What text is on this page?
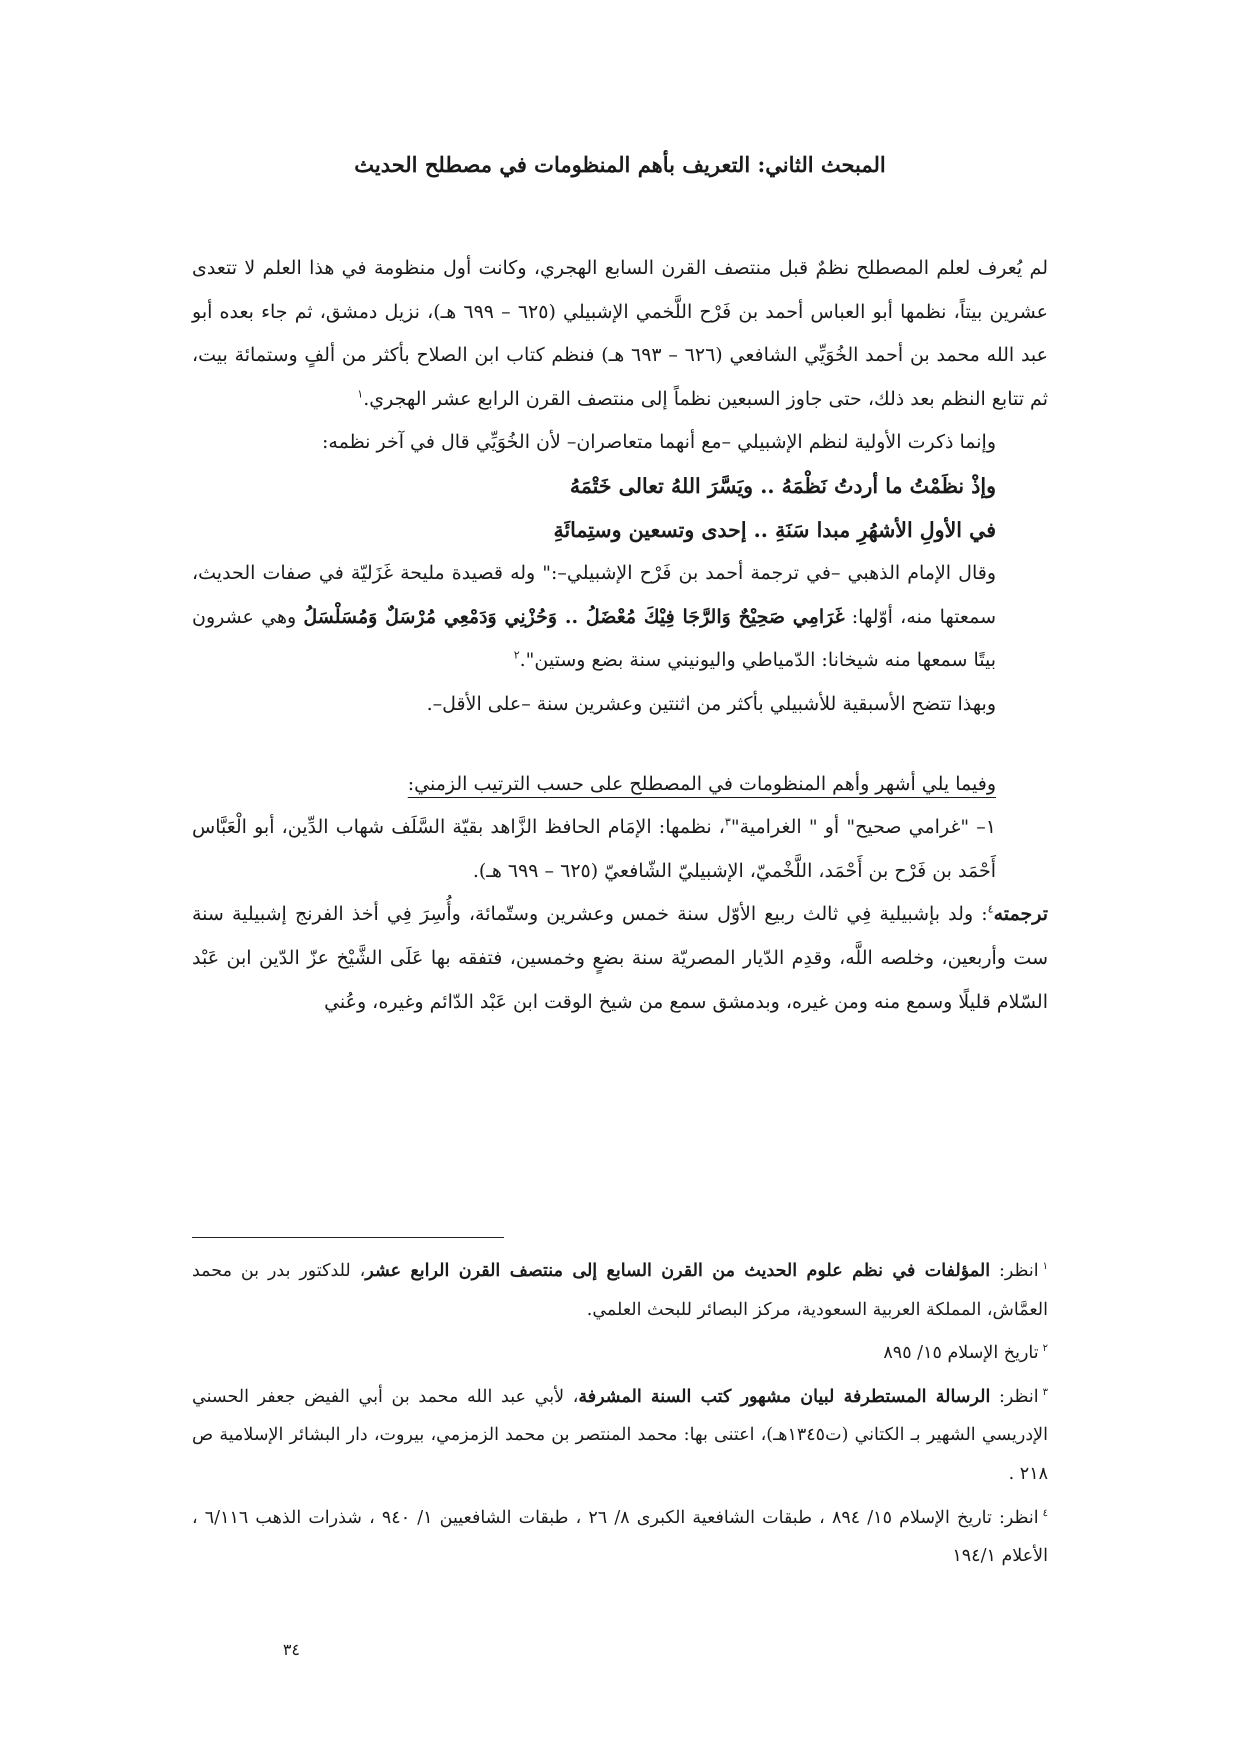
المبحث الثاني: التعريف بأهم المنظومات في مصطلح الحديث

لم يُعرف لعلم المصطلح نظمٌ قبل منتصف القرن السابع الهجري، وكانت أول منظومة في هذا العلم لا تتعدى عشرين بيتاً، نظمها أبو العباس أحمد بن فَرْح اللَّخمي الإشبيلي (٦٢٥ – ٦٩٩ هـ)، نزيل دمشق، ثم جاء بعده أبو عبد الله محمد بن أحمد الخُوَيِّي الشافعي (٦٢٦ – ٦٩٣ هـ) فنظم كتاب ابن الصلاح بأكثر من ألفٍ وستمائة بيت، ثم تتابع النظم بعد ذلك، حتى جاوز السبعين نظماً إلى منتصف القرن الرابع عشر الهجري.$^١$

وإنما ذكرت الأولية لنظم الإشبيلي –مع أنهما متعاصران– لأن الخُوَيِّي قال في آخر نظمه:

وإذْ نظَمْتُ ما أردتُ نَظْمَهُ .. ويَسَّرَ اللهُ تعالى خَتْمَهُ

في الأولِ الأشهُرِ مبدا سَنَةِ .. إحدى وتسعين وستِمائَةِ

وقال الإمام الذهبي –في ترجمة أحمد بن فَرْح الإشبيلي–:" وله قصيدة مليحة غَزَليّة في صفات الحديث، سمعتها منه، أوّلها: غَرَامِي صَحِيْحٌ وَالرَّجَا فِيْكَ مُعْضَلُ .. وَحُزْنِي وَدَمْعِي مُرْسَلٌ وَمُسَلْسَلُ وهي عشرون بيتًا سمعها منه شيخانا: الدّمياطي واليونيني سنة بضع وستين".$^٢$

وبهذا تتضح الأسبقية للأشبيلي بأكثر من اثنتين وعشرين سنة –على الأقل–.

وفيما يلي أشهر وأهم المنظومات في المصطلح على حسب الترتيب الزمني:

١– "غرامي صحيح" أو " الغرامية"$^٣$، نظمها: الإمَام الحافظ الزَّاهد بقيّة السَّلَف شهاب الدِّين، أبو الْعَبَّاس أَحْمَد بن فَرْح بن أَحْمَد، اللَّخْميّ، الإشبيليّ الشّافعيّ (٦٢٥ – ٦٩٩ هـ).

ترجمته$^٤$: ولد بإشبيلية فِي ثالث ربيع الأوّل سنة خمس وعشرين وستّمائة، وأُسِرَ فِي أخذ الفرنج إشبيلية سنة ست وأربعين، وخلصه اللَّه، وقدِم الدّيار المصريّة سنة بضعٍ وخمسين، فتفقه بها عَلَى الشَّيْخ عزّ الدّين ابن عَبْد السّلام قليلًا وسمع منه ومن غيره، وبدمشق سمع من شيخ الوقت ابن عَبْد الدّائم وغيره، وعُني

$^١$انظر: المؤلفات في نظم علوم الحديث من القرن السابع إلى منتصف القرن الرابع عشر، للدكتور بدر بن محمد العمَّاش، المملكة العربية السعودية، مركز البصائر للبحث العلمي.

$^٢$تاريخ الإسلام ١٥/ ٨٩٥

$^٣$انظر: الرسالة المستطرفة لبيان مشهور كتب السنة المشرفة، لأبي عبد الله محمد بن أبي الفيض جعفر الحسني الإدريسي الشهير بـ الكتاني (ت١٣٤٥هـ)، اعتنى بها: محمد المنتصر بن محمد الزمزمي، بيروت، دار البشائر الإسلامية ص ٢١٨ .

$^٤$انظر: تاريخ الإسلام ١٥/ ٨٩٤ ، طبقات الشافعية الكبرى ٨/ ٢٦ ، طبقات الشافعيين ١/ ٩٤٠ ، شذرات الذهب ٦/١١٦ ، الأعلام ١٩٤/١

٣٤
